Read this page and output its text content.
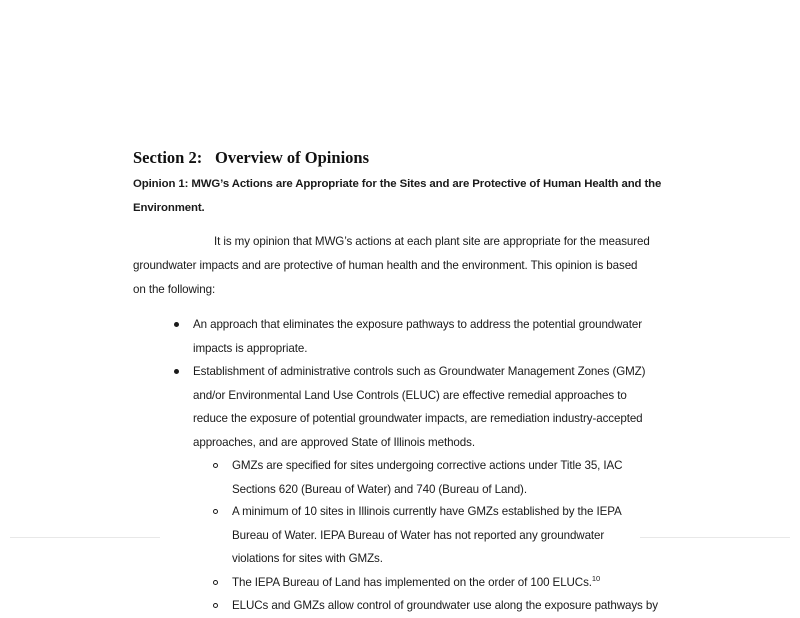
Section 2: Overview of Opinions
Opinion 1: MWG’s Actions are Appropriate for the Sites and are Protective of Human Health and the
Environment.
It is my opinion that MWG’s actions at each plant site are appropriate for the measured
groundwater impacts and are protective of human health and the environment. This opinion is based
on the following:
An approach that eliminates the exposure pathways to address the potential groundwater
impacts is appropriate.
Establishment of administrative controls such as Groundwater Management Zones (GMZ)
and/or Environmental Land Use Controls (ELUC) are effective remedial approaches to
reduce the exposure of potential groundwater impacts, are remediation industry-accepted
approaches, and are approved State of Illinois methods.
GMZs are specified for sites undergoing corrective actions under Title 35, IAC
Sections 620 (Bureau of Water) and 740 (Bureau of Land).
A minimum of 10 sites in Illinois currently have GMZs established by the IEPA
Bureau of Water. IEPA Bureau of Water has not reported any groundwater
violations for sites with GMZs.
The IEPA Bureau of Land has implemented on the order of 100 ELUCs.$^{10}$
ELUCs and GMZs allow control of groundwater use along the exposure pathways by
